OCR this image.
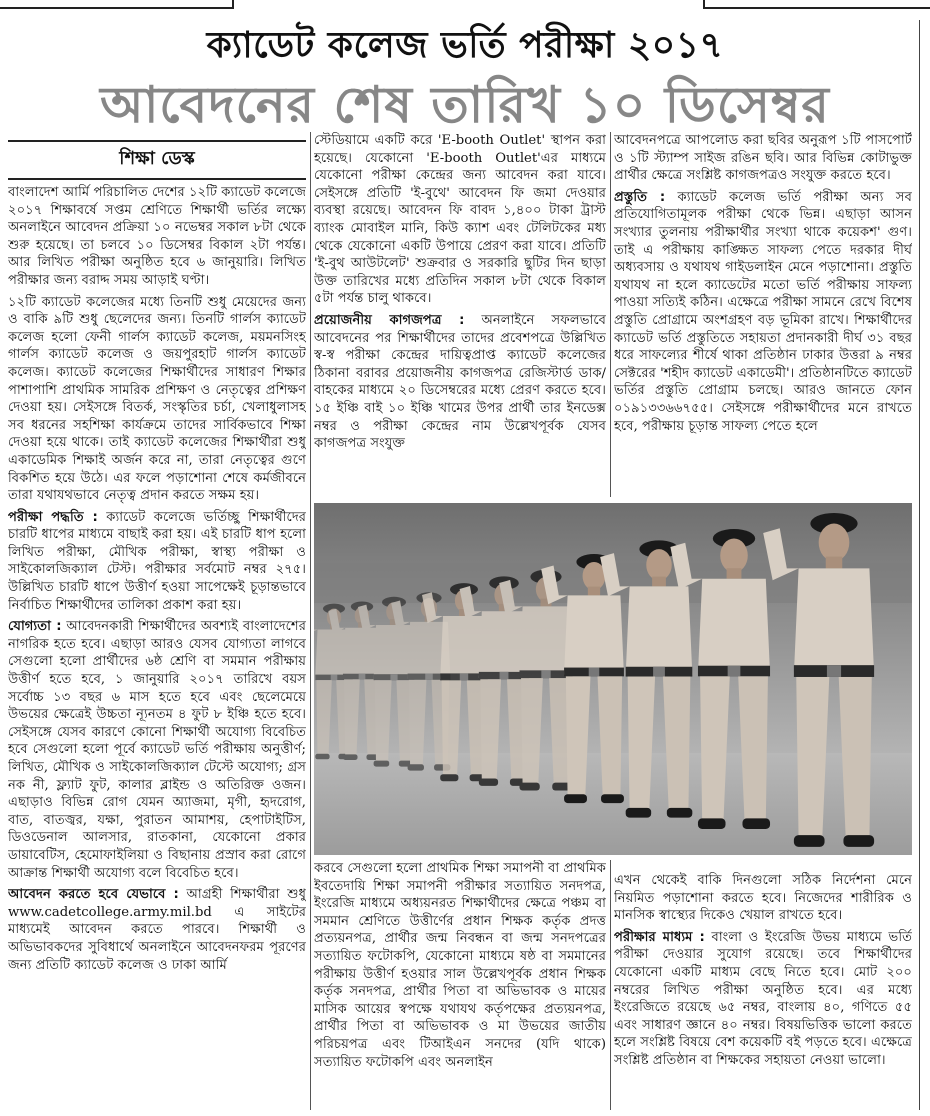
ক্যাডেট কলেজ ভর্তি পরীক্ষা ২০১৭
আবেদনের শেষ তারিখ ১০ ডিসেম্বর
শিক্ষা ডেস্ক

বাংলাদেশ আর্মি পরিচালিত দেশের ১২টি ক্যাডেট কলেজে ২০১৭ শিক্ষাবর্ষে সপ্তম শ্রেণিতে শিক্ষার্থী ভর্তির লক্ষ্যে অনলাইনে আবেদন প্রক্রিয়া ১০ নভেম্বর সকাল ৮টা থেকে শুরু হয়েছে। তা চলবে ১০ ডিসেম্বর বিকাল ২টা পর্যন্ত। আর লিখিত পরীক্ষা অনুষ্ঠিত হবে ৬ জানুয়ারি। লিখিত পরীক্ষার জন্য বরাদ্দ সময় আড়াই ঘণ্টা।

১২টি ক্যাডেট কলেজের মধ্যে তিনটি শুধু মেয়েদের জন্য ও বাকি ৯টি শুধু ছেলেদের জন্য। তিনটি গার্লস ক্যাডেট কলেজ হলো ফেনী গার্লস ক্যাডেট কলেজ, ময়মনসিংহ গার্লস ক্যাডেট কলেজ ও জয়পুরহাট গার্লস ক্যাডেট কলেজ। ক্যাডেট কলেজের শিক্ষার্থীদের সাধারণ শিক্ষার পাশাপাশি প্রাথমিক সামরিক প্রশিক্ষণ ও নেতৃত্বের প্রশিক্ষণ দেওয়া হয়। সেইসঙ্গে বিতর্ক, সংস্কৃতির চর্চা, খেলাধুলাসহ সব ধরনের সহশিক্ষা কার্যক্রমে তাদের সার্বিকভাবে শিক্ষা দেওয়া হয়ে থাকে। তাই ক্যাডেট কলেজের শিক্ষার্থীরা শুধু একাডেমিক শিক্ষাই অর্জন করে না, তারা নেতৃত্বের গুণে বিকশিত হয়ে উঠে। এর ফলে পড়াশোনা শেষে কর্মজীবনে তারা যথাযথভাবে নেতৃত্ব প্রদান করতে সক্ষম হয়।

পরীক্ষা পদ্ধতি : ক্যাডেট কলেজে ভর্তিচ্ছু শিক্ষার্থীদের চারটি ধাপের মাধ্যমে বাছাই করা হয়। এই চারটি ধাপ হলো লিখিত পরীক্ষা, মৌখিক পরীক্ষা, স্বাস্থ্য পরীক্ষা ও সাইকোলজিক্যাল টেস্ট। পরীক্ষার সর্বমোট নম্বর ২৭৫। উল্লিখিত চারটি ধাপে উত্তীর্ণ হওয়া সাপেক্ষেই চূড়ান্তভাবে নির্বাচিত শিক্ষার্থীদের তালিকা প্রকাশ করা হয়।

যোগ্যতা : আবেদনকারী শিক্ষার্থীদের অবশ্যই বাংলাদেশের নাগরিক হতে হবে। এছাড়া আরও যেসব যোগ্যতা লাগবে সেগুলো হলো প্রার্থীদের ৬ষ্ঠ শ্রেণি বা সমমান পরীক্ষায় উত্তীর্ণ হতে হবে, ১ জানুয়ারি ২০১৭ তারিখে বয়স সর্বোচ্চ ১৩ বছর ৬ মাস হতে হবে এবং ছেলেমেয়ে উভয়ের ক্ষেত্রেই উচ্চতা ন্যূনতম ৪ ফুট ৮ ইঞ্চি হতে হবে। সেইসঙ্গে যেসব কারণে কোনো শিক্ষার্থী অযোগ্য বিবেচিত হবে সেগুলো হলো পূর্বে ক্যাডেট ভর্তি পরীক্ষায় অনুত্তীর্ণ; লিখিত, মৌখিক ও সাইকোলজিক্যাল টেস্টে অযোগ্য; গ্রস নক নী, ফ্ল্যাট ফুট, কালার ব্লাইন্ড ও অতিরিক্ত ওজন। এছাড়াও বিভিন্ন রোগ যেমন অ্যাজমা, মৃগী, হৃদরোগ, বাত, বাতজ্বর, যক্ষা, পুরাতন আমাশয়, হেপাটাইটিস, ডিওডেনাল আলসার, রাতকানা, যেকোনো প্রকার ডায়াবেটিস, হেমোফাইলিয়া ও বিছানায় প্রস্রাব করা রোগে আক্রান্ত শিক্ষার্থী অযোগ্য বলে বিবেচিত হবে।

আবেদন করতে হবে যেভাবে : আগ্রহী শিক্ষার্থীরা শুধু www.cadetcollege.army.mil.bd এ সাইটের মাধ্যমেই আবেদন করতে পারবে। শিক্ষার্থী ও অভিভাবকদের সুবিধার্থে অনলাইনে আবেদনফরম পূরণের জন্য প্রতিটি ক্যাডেট কলেজ ও ঢাকা আর্মি

স্টেডিয়ামে একটি করে 'E-booth Outlet' স্থাপন করা হয়েছে। যেকোনো 'E-booth Outlet'এর মাধ্যমে যেকোনো পরীক্ষা কেন্দ্রের জন্য আবেদন করা যাবে। সেইসঙ্গে প্রতিটি 'ই-বুথে' আবেদন ফি জমা দেওয়ার ব্যবস্থা রয়েছে। আবেদন ফি বাবদ ১,৪০০ টাকা ট্রাস্ট ব্যাংক মোবাইল মানি, কিউ ক্যাশ এবং টেলিটকের মধ্য থেকে যেকোনো একটি উপায়ে প্রেরণ করা যাবে। প্রতিটি 'ই-বুথ আউটলেট' শুক্রবার ও সরকারি ছুটির দিন ছাড়া উক্ত তারিখের মধ্যে প্রতিদিন সকাল ৮টা থেকে বিকাল ৫টা পর্যন্ত চালু থাকবে।

প্রয়োজনীয় কাগজপত্র : অনলাইনে সফলভাবে আবেদনের পর শিক্ষার্থীদের তাদের প্রবেশপত্রে উল্লিখিত স্ব-স্ব পরীক্ষা কেন্দ্রের দায়িত্বপ্রাপ্ত ক্যাডেট কলেজের ঠিকানা বরাবর প্রয়োজনীয় কাগজপত্র রেজিস্টার্ড ডাক/বাহকের মাধ্যমে ২০ ডিসেম্বরের মধ্যে প্রেরণ করতে হবে। ১৫ ইঞ্চি বাই ১০ ইঞ্চি খামের উপর প্রার্থী তার ইনডেক্স নম্বর ও পরীক্ষা কেন্দ্রের নাম উল্লেখপূর্বক যেসব কাগজপত্র সংযুক্ত

আবেদনপত্রে আপলোড করা ছবির অনুরূপ ১টি পাসপোর্ট ও ১টি স্ট্যাম্প সাইজ রঙিন ছবি। আর বিভিন্ন কোটাভুক্ত প্রার্থীর ক্ষেত্রে সংশ্লিষ্ট কাগজপত্রও সংযুক্ত করতে হবে।

প্রস্তুতি : ক্যাডেট কলেজ ভর্তি পরীক্ষা অন্য সব প্রতিযোগিতামূলক পরীক্ষা থেকে ভিন্ন। এছাড়া আসন সংখ্যার তুলনায় পরীক্ষার্থীর সংখ্যা থাকে কয়েকশ' গুণ। তাই এ পরীক্ষায় কাঙ্ক্ষিত সাফল্য পেতে দরকার দীর্ঘ অধ্যবসায় ও যথাযথ গাইডলাইন মেনে পড়াশোনা। প্রস্তুতি যথাযথ না হলে ক্যাডেটের মতো ভর্তি পরীক্ষায় সাফল্য পাওয়া সত্যিই কঠিন। এক্ষেত্রে পরীক্ষা সামনে রেখে বিশেষ প্রস্তুতি প্রোগ্রামে অংশগ্রহণ বড় ভূমিকা রাখে। শিক্ষার্থীদের ক্যাডেট ভর্তি প্রস্তুতিতে সহায়তা প্রদানকারী দীর্ঘ ৩১ বছর ধরে সাফল্যের শীর্ষে থাকা প্রতিষ্ঠান ঢাকার উত্তরা ৯ নম্বর সেক্টরের 'শহীদ ক্যাডেট একাডেমী'। প্রতিষ্ঠানটিতে ক্যাডেট ভর্তির প্রস্তুতি প্রোগ্রাম চলছে। আরও জানতে ফোন ০১৯১৩৩৬৬৭৫৫। সেইসঙ্গে পরীক্ষার্থীদের মনে রাখতে হবে, পরীক্ষায় চূড়ান্ত সাফল্য পেতে হলে

করবে সেগুলো হলো প্রাথমিক শিক্ষা সমাপনী বা প্রাথমিক ইবতেদায়ি শিক্ষা সমাপনী পরীক্ষার সত্যায়িত সনদপত্র, ইংরেজি মাধ্যমে অধ্যয়নরত শিক্ষার্থীদের ক্ষেত্রে পঞ্চম বা সমমান শ্রেণিতে উত্তীর্ণের প্রধান শিক্ষক কর্তৃক প্রদত্ত প্রত্যয়নপত্র, প্রার্থীর জন্ম নিবন্ধন বা জন্ম সনদপত্রের সত্যায়িত ফটোকপি, যেকোনো মাধ্যমে ষষ্ঠ বা সমমানের পরীক্ষায় উত্তীর্ণ হওয়ার সাল উল্লেখপূর্বক প্রধান শিক্ষক কর্তৃক সনদপত্র, প্রার্থীর পিতা বা অভিভাবক ও মায়ের মাসিক আয়ের স্বপক্ষে যথাযথ কর্তৃপক্ষের প্রত্যয়নপত্র, প্রার্থীর পিতা বা অভিভাবক ও মা উভয়ের জাতীয় পরিচয়পত্র এবং টিআইএন সনদের (যদি থাকে) সত্যায়িত ফটোকপি এবং অনলাইন

এখন থেকেই বাকি দিনগুলো সঠিক নির্দেশনা মেনে নিয়মিত পড়াশোনা করতে হবে। নিজেদের শারীরিক ও মানসিক স্বাস্থ্যের দিকেও খেয়াল রাখতে হবে।

পরীক্ষার মাধ্যম : বাংলা ও ইংরেজি উভয় মাধ্যমে ভর্তি পরীক্ষা দেওয়ার সুযোগ রয়েছে। তবে শিক্ষার্থীদের যেকোনো একটি মাধ্যম বেছে নিতে হবে। মোট ২০০ নম্বরের লিখিত পরীক্ষা অনুষ্ঠিত হবে। এর মধ্যে ইংরেজিতে রয়েছে ৬৫ নম্বর, বাংলায় ৪০, গণিতে ৫৫ এবং সাধারণ জ্ঞানে ৪০ নম্বর। বিষয়ভিত্তিক ভালো করতে হলে সংশ্লিষ্ট বিষয়ে বেশ কয়েকটি বই পড়তে হবে। এক্ষেত্রে সংশ্লিষ্ট প্রতিষ্ঠান বা শিক্ষকের সহায়তা নেওয়া ভালো।
